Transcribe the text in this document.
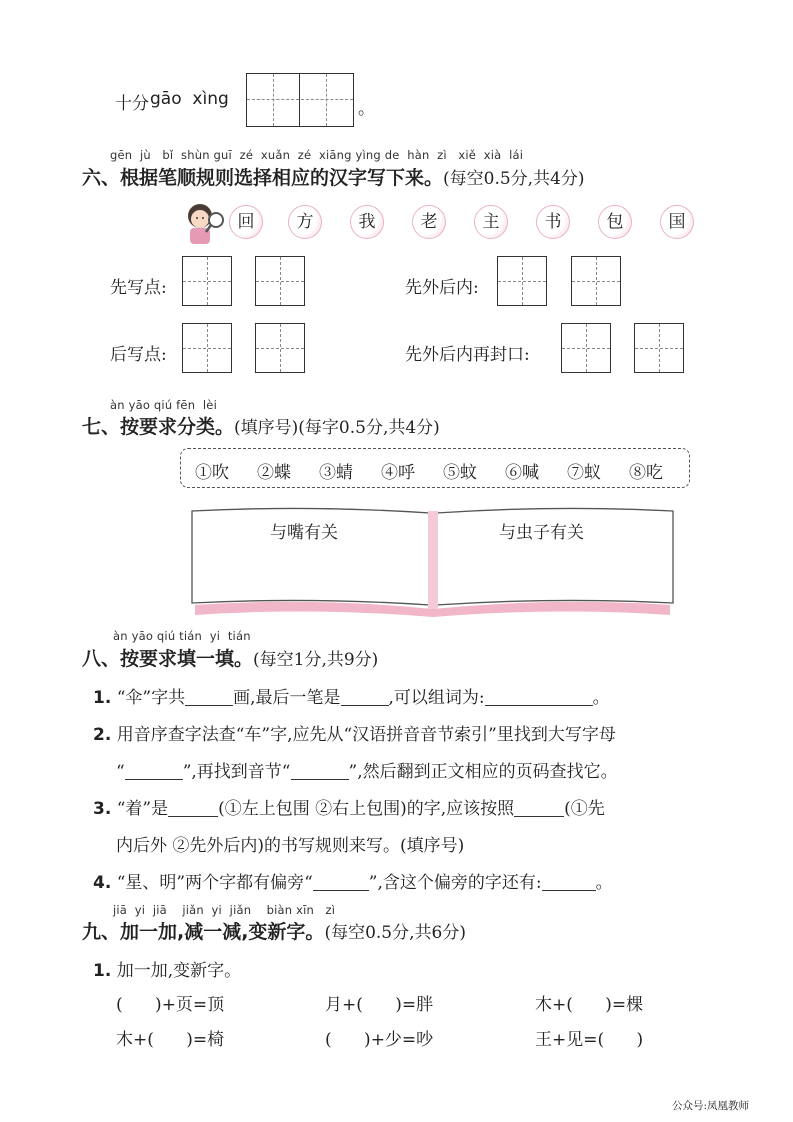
十分 gāo  xìng	。
gēn  jù   bǐ  shùn guī  zé  xuǎn  zé  xiāng yìng de  hàn  zì   xiě  xià  lái
六、根据笔顺规则选择相应的汉字写下来。(每空0.5分,共4分)
回	方	我	老	主	书	包	国
先写点:	先外后内:
后写点:	先外后内再封口:
àn yāo qiú fēn  lèi
七、按要求分类。(填序号)(每字0.5分,共4分)
①吹 ②蝶 ③蜻 ④呼 ⑤蚊 ⑥喊 ⑦蚁 ⑧吃
与嘴有关	与虫子有关
àn yāo qiú tián  yi  tián
八、按要求填一填。(每空1分,共9分)
1. “伞”字共	画,最后一笔是	,可以组词为:	。
2. 用音序查字法查“车”字,应先从“汉语拼音音节索引”里找到大写字母
“	”,再找到音节“	”,然后翻到正文相应的页码查找它。
3. “着”是	(①左上包围 ②右上包围)的字,应该按照	(①先
内后外 ②先外后内)的书写规则来写。(填序号)
4. “星、明”两个字都有偏旁“	”,含这个偏旁的字还有:	。
jiā  yi  jiā    jiǎn  yi  jiǎn    biàn xīn   zì
九、加一加,减一减,变新字。(每空0.5分,共6分)
1. 加一加,变新字。
(      )+页=顶	月+(      )=胖	木+(      )=棵
木+(      )=椅	(      )+少=吵	王+见=(      )
公众号:凤凰教师
